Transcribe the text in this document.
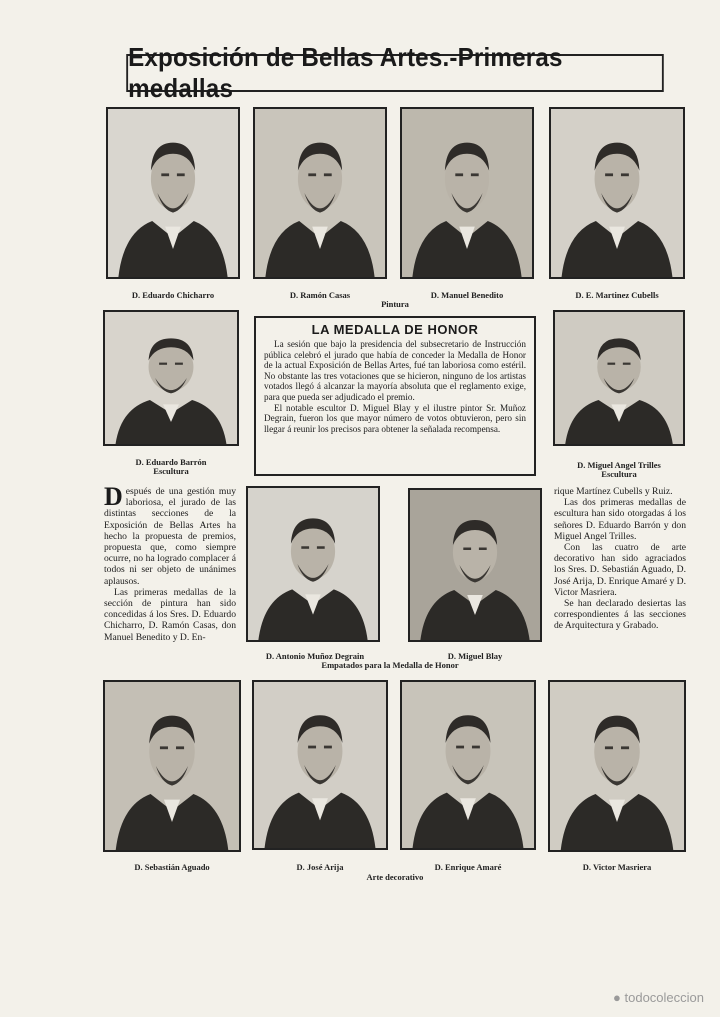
Exposición de Bellas Artes.-Primeras medallas
D. Eduardo Chicharro	D. Ramón Casas	D. Manuel Benedito	D. E. Martinez Cubells
Pintura
D. Eduardo Barrón
Escultura
LA MEDALLA DE HONOR

La sesión que bajo la presidencia del subsecretario de Instrucción pública celebró el jurado que había de conceder la Medalla de Honor de la actual Exposición de Bellas Artes, fué tan laboriosa como estéril. No obstante las tres votaciones que se hicieron, ninguno de los artistas votados llegó á alcanzar la mayoría absoluta que el reglamento exige, para que pueda ser adjudicado el premio.

El notable escultor D. Miguel Blay y el ilustre pintor Sr. Muñoz Degrain, fueron los que mayor número de votos obtuvieron, pero sin llegar á reunir los precisos para obtener la señalada recompensa.

D. Miguel Angel Trilles
Escultura

Después de una gestión muy laboriosa, el jurado de las distintas secciones de la Exposición de Bellas Artes ha hecho la propuesta de premios, propuesta que, como siempre ocurre, no ha logrado complacer á todos ni ser objeto de unánimes aplausos.

Las primeras medallas de la sección de pintura han sido concedidas á los Sres. D. Eduardo Chicharro, D. Ramón Casas, don Manuel Benedito y D. En-

D. Antonio Muñoz Degrain	D. Miguel Blay
Empatados para la Medalla de Honor

rique Martínez Cubells y Ruiz.

Las dos primeras medallas de escultura han sido otorgadas á los señores D. Eduardo Barrón y don Miguel Angel Trilles.

Con las cuatro de arte decorativo han sido agraciados los Sres. D. Sebastián Aguado, D. José Arija, D. Enrique Amaré y D. Victor Masriera.

Se han declarado desiertas las correspondientes á las secciones de Arquitectura y Grabado.

D. Sebastián Aguado	D. José Arija	D. Enrique Amaré	D. Victor Masriera
Arte decorativo
● todocoleccion
